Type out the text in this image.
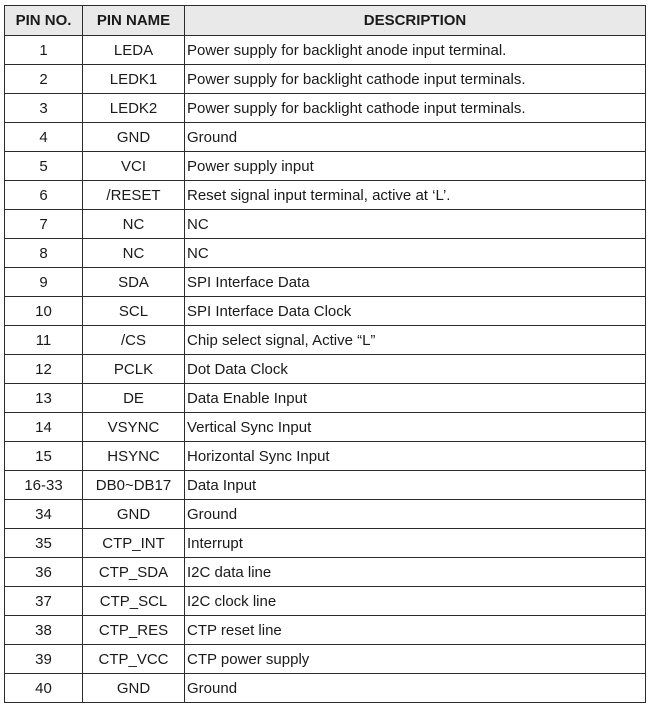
PIN NO.	PIN NAME	DESCRIPTION
1	LEDA	Power supply for backlight anode input terminal.
2	LEDK1	Power supply for backlight cathode input terminals.
3	LEDK2	Power supply for backlight cathode input terminals.
4	GND	Ground
5	VCI	Power supply input
6	/RESET	Reset signal input terminal, active at ‘L’.
7	NC	NC
8	NC	NC
9	SDA	SPI Interface Data
10	SCL	SPI Interface Data Clock
11	/CS	Chip select signal, Active “L”
12	PCLK	Dot Data Clock
13	DE	Data Enable Input
14	VSYNC	Vertical Sync Input
15	HSYNC	Horizontal Sync Input
16-33	DB0~DB17	Data Input
34	GND	Ground
35	CTP_INT	Interrupt
36	CTP_SDA	I2C data line
37	CTP_SCL	I2C clock line
38	CTP_RES	CTP reset line
39	CTP_VCC	CTP power supply
40	GND	Ground
